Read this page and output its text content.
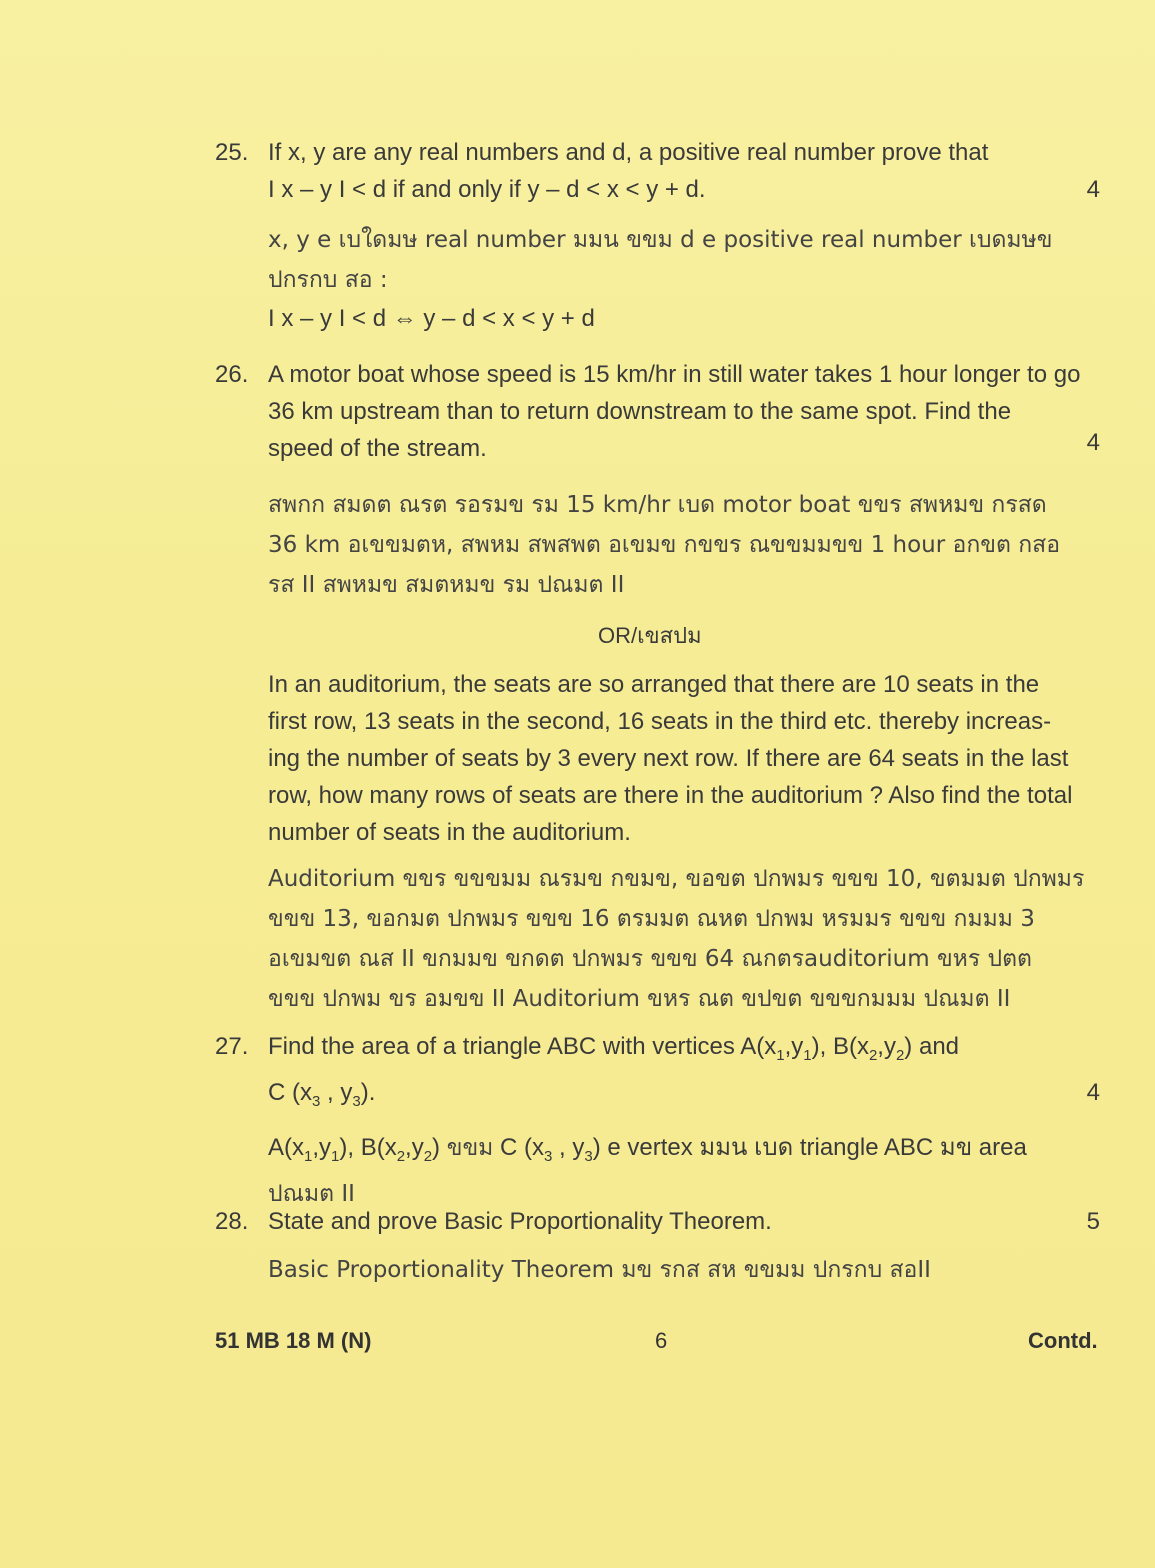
25. If x, y are any real numbers and d, a positive real number prove that
I x – y I < d if and only if y – d < x < y + d.	4
x, y e เบใดมษ real number มมน ขขม d e positive real number เบดมษข
ปกรกบ สอ :
I x – y I < d ⇔ y – d < x < y + d
26. A motor boat whose speed is 15 km/hr in still water takes 1 hour longer to go
36 km upstream than to return downstream to the same spot. Find the
speed of the stream.	4
สพกก สมดต ณรต รอรมข รม 15 km/hr เบด motor boat ขขร สพหมข กรสด
36 km อเขขมตห, สพหม สพสพต อเขมข กขขร ณขขมมขข 1 hour อกขต กสอ
รส II สพหมข สมตหมข รม ปณมต II
OR/เขสปม
In an auditorium, the seats are so arranged that there are 10 seats in the
first row, 13 seats in the second, 16 seats in the third etc. thereby increas-
ing the number of seats by 3 every next row. If there are 64 seats in the last
row, how many rows of seats are there in the auditorium ? Also find the total
number of seats in the auditorium.
Auditorium ขขร ขขขมม ณรมข กขมข, ขอขต ปกพมร ขขข 10, ขตมมต ปกพมร
ขขข 13, ขอกมต ปกพมร ขขข 16 ตรมมต ณหต ปกพม หรมมร ขขข กมมม 3
อเขมขต ณส II ขกมมข ขกดต ปกพมร ขขข 64 ณกตรauditorium ขหร ปตต
ขขข ปกพม ขร อมขข II Auditorium ขหร ณต ขปขต ขขขกมมม ปณมต II
27. Find the area of a triangle ABC with vertices $A(x_1,y_1)$, $B(x_2,y_2)$ and
C ($x_3$ , $y_3$).	4
$A(x_1,y_1)$, $B(x_2,y_2)$ ขขม C ($x_3$ , $y_3$) e vertex มมน เบด triangle ABC มข area
ปณมต II
28. State and prove Basic Proportionality Theorem.	5
Basic Proportionality Theorem มข รกส สห ขขมม ปกรกบ สอII
51 MB 18 M (N)	6	Contd.
